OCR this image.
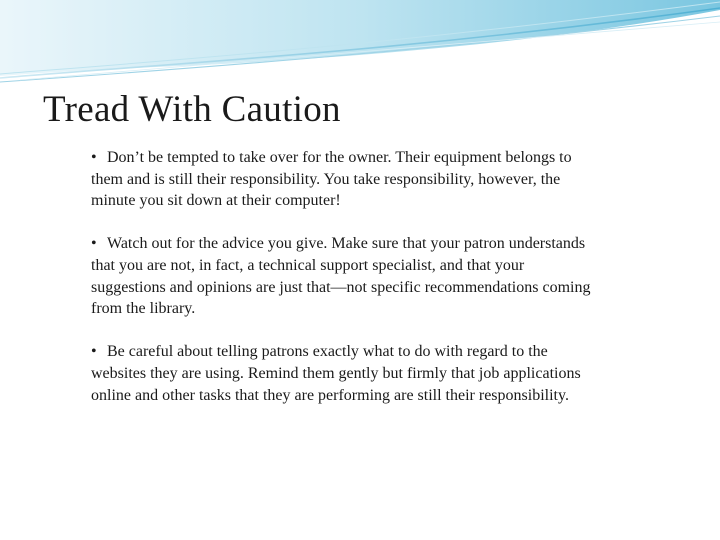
Tread With Caution

• Don’t be tempted to take over for the owner. Their equipment belongs to them and is still their responsibility. You take responsibility, however, the minute you sit down at their computer!

• Watch out for the advice you give. Make sure that your patron understands that you are not, in fact, a technical support specialist, and that your suggestions and opinions are just that—not specific recommendations coming from the library.

• Be careful about telling patrons exactly what to do with regard to the websites they are using. Remind them gently but firmly that job applications online and other tasks that they are performing are still their responsibility.
